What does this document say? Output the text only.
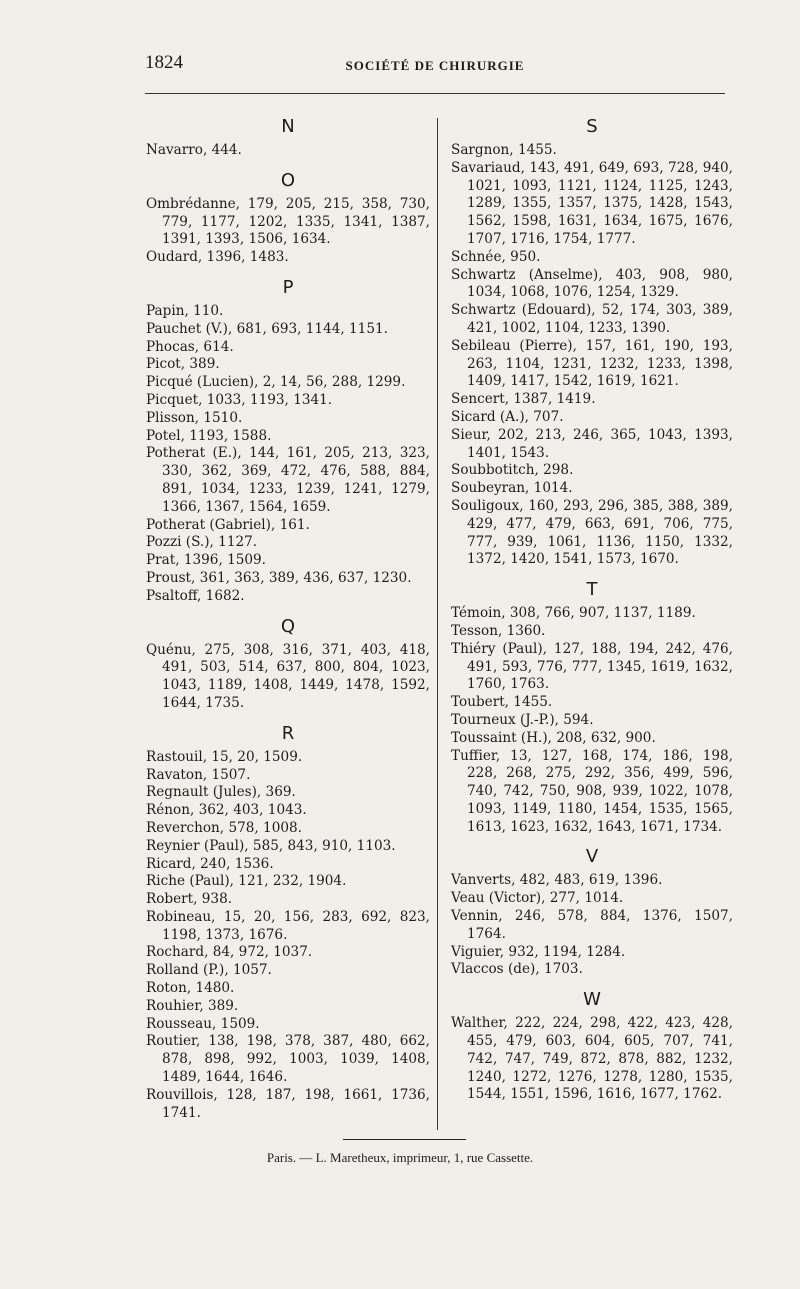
1824	SOCIÉTÉ DE CHIRURGIE
N
Navarro, 444.
O
Ombrédanne, 179, 205, 215, 358, 730, 779, 1177, 1202, 1335, 1341, 1387, 1391, 1393, 1506, 1634.
Oudard, 1396, 1483.
P
Papin, 110.
Pauchet (V.), 681, 693, 1144, 1151.
Phocas, 614.
Picot, 389.
Picqué (Lucien), 2, 14, 56, 288, 1299.
Picquet, 1033, 1193, 1341.
Plisson, 1510.
Potel, 1193, 1588.
Potherat (E.), 144, 161, 205, 213, 323, 330, 362, 369, 472, 476, 588, 884, 891, 1034, 1233, 1239, 1241, 1279, 1366, 1367, 1564, 1659.
Potherat (Gabriel), 161.
Pozzi (S.), 1127.
Prat, 1396, 1509.
Proust, 361, 363, 389, 436, 637, 1230.
Psaltoff, 1682.
Q
Quénu, 275, 308, 316, 371, 403, 418, 491, 503, 514, 637, 800, 804, 1023, 1043, 1189, 1408, 1449, 1478, 1592, 1644, 1735.
R
Rastouil, 15, 20, 1509.
Ravaton, 1507.
Regnault (Jules), 369.
Rénon, 362, 403, 1043.
Reverchon, 578, 1008.
Reynier (Paul), 585, 843, 910, 1103.
Ricard, 240, 1536.
Riche (Paul), 121, 232, 1904.
Robert, 938.
Robineau, 15, 20, 156, 283, 692, 823, 1198, 1373, 1676.
Rochard, 84, 972, 1037.
Rolland (P.), 1057.
Roton, 1480.
Rouhier, 389.
Rousseau, 1509.
Routier, 138, 198, 378, 387, 480, 662, 878, 898, 992, 1003, 1039, 1408, 1489, 1644, 1646.
Rouvillois, 128, 187, 198, 1661, 1736, 1741.
S
Sargnon, 1455.
Savariaud, 143, 491, 649, 693, 728, 940, 1021, 1093, 1121, 1124, 1125, 1243, 1289, 1355, 1357, 1375, 1428, 1543, 1562, 1598, 1631, 1634, 1675, 1676, 1707, 1716, 1754, 1777.
Schnée, 950.
Schwartz (Anselme), 403, 908, 980, 1034, 1068, 1076, 1254, 1329.
Schwartz (Edouard), 52, 174, 303, 389, 421, 1002, 1104, 1233, 1390.
Sebileau (Pierre), 157, 161, 190, 193, 263, 1104, 1231, 1232, 1233, 1398, 1409, 1417, 1542, 1619, 1621.
Sencert, 1387, 1419.
Sicard (A.), 707.
Sieur, 202, 213, 246, 365, 1043, 1393, 1401, 1543.
Soubbotitch, 298.
Soubeyran, 1014.
Souligoux, 160, 293, 296, 385, 388, 389, 429, 477, 479, 663, 691, 706, 775, 777, 939, 1061, 1136, 1150, 1332, 1372, 1420, 1541, 1573, 1670.
T
Témoin, 308, 766, 907, 1137, 1189.
Tesson, 1360.
Thiéry (Paul), 127, 188, 194, 242, 476, 491, 593, 776, 777, 1345, 1619, 1632, 1760, 1763.
Toubert, 1455.
Tourneux (J.-P.), 594.
Toussaint (H.), 208, 632, 900.
Tuffier, 13, 127, 168, 174, 186, 198, 228, 268, 275, 292, 356, 499, 596, 740, 742, 750, 908, 939, 1022, 1078, 1093, 1149, 1180, 1454, 1535, 1565, 1613, 1623, 1632, 1643, 1671, 1734.
V
Vanverts, 482, 483, 619, 1396.
Veau (Victor), 277, 1014.
Vennin, 246, 578, 884, 1376, 1507, 1764.
Viguier, 932, 1194, 1284.
Vlaccos (de), 1703.
W
Walther, 222, 224, 298, 422, 423, 428, 455, 479, 603, 604, 605, 707, 741, 742, 747, 749, 872, 878, 882, 1232, 1240, 1272, 1276, 1278, 1280, 1535, 1544, 1551, 1596, 1616, 1677, 1762.
Paris. — L. Maretheux, imprimeur, 1, rue Cassette.
